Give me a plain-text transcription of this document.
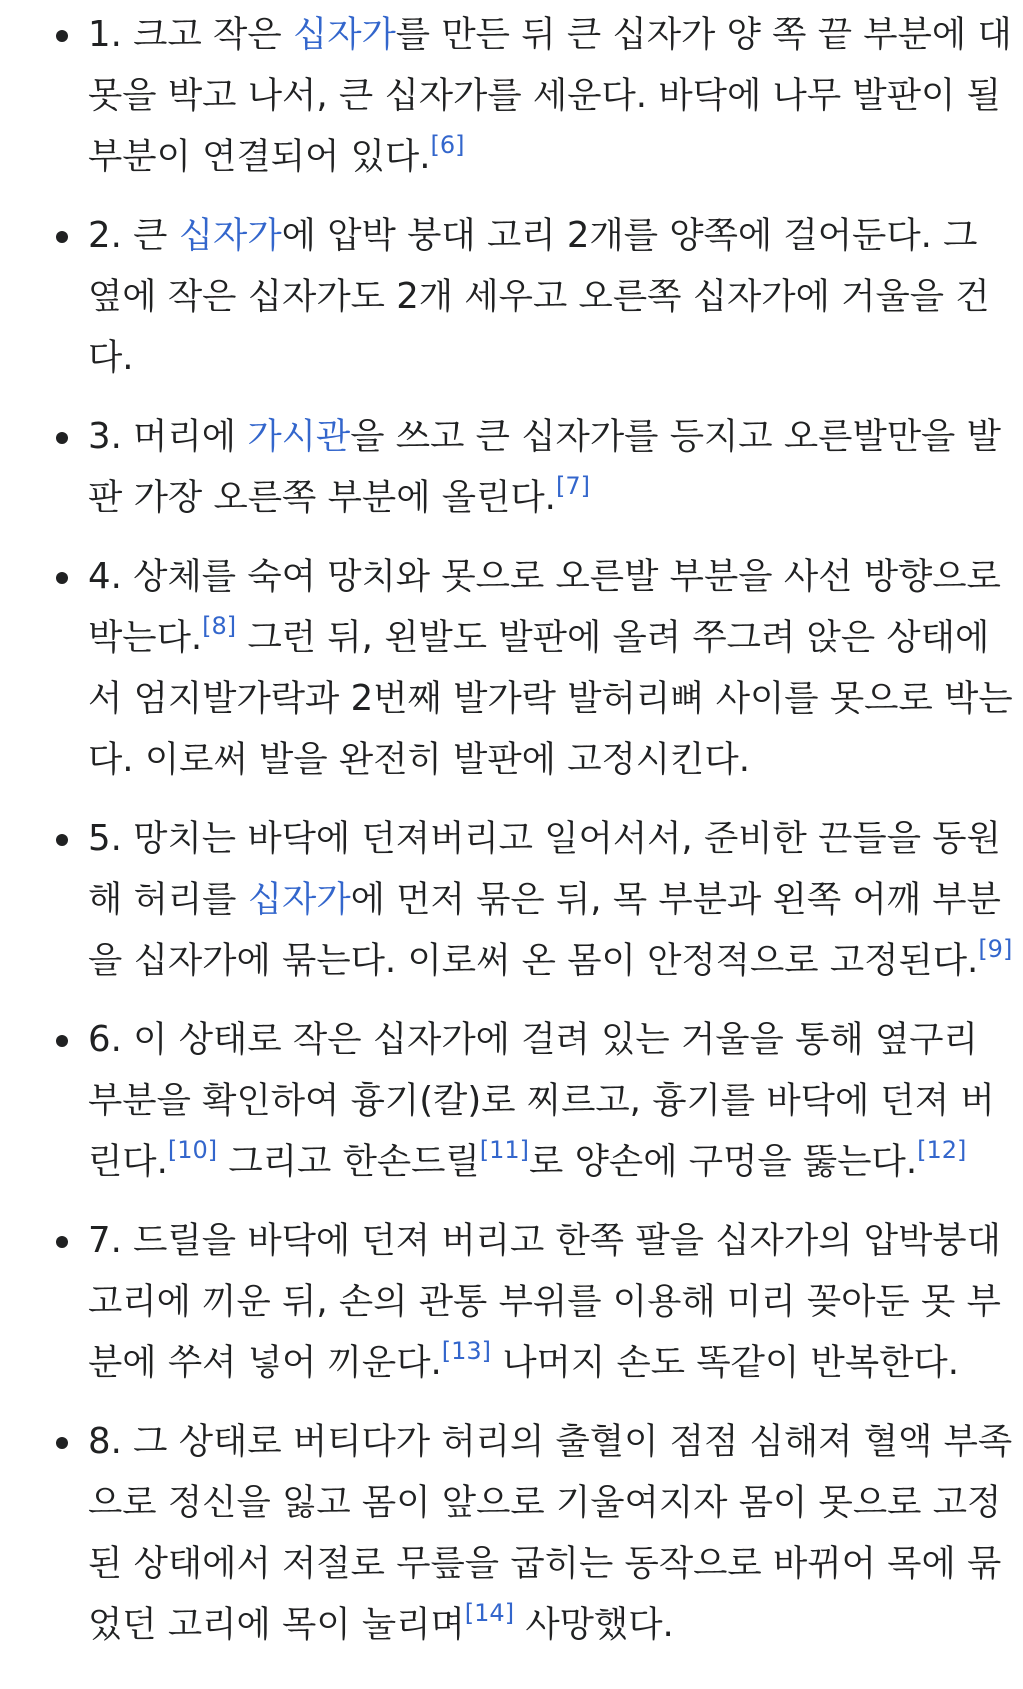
1. 크고 작은 십자가를 만든 뒤 큰 십자가 양 쪽 끝 부분에 대못을 박고 나서, 큰 십자가를 세운다. 바닥에 나무 발판이 될 부분이 연결되어 있다.[6]
2. 큰 십자가에 압박 붕대 고리 2개를 양쪽에 걸어둔다. 그 옆에 작은 십자가도 2개 세우고 오른쪽 십자가에 거울을 건다.
3. 머리에 가시관을 쓰고 큰 십자가를 등지고 오른발만을 발판 가장 오른쪽 부분에 올린다.[7]
4. 상체를 숙여 망치와 못으로 오른발 부분을 사선 방향으로 박는다.[8] 그런 뒤, 왼발도 발판에 올려 쭈그려 앉은 상태에서 엄지발가락과 2번째 발가락 발허리뼈 사이를 못으로 박는다. 이로써 발을 완전히 발판에 고정시킨다.
5. 망치는 바닥에 던져버리고 일어서서, 준비한 끈들을 동원해 허리를 십자가에 먼저 묶은 뒤, 목 부분과 왼쪽 어깨 부분을 십자가에 묶는다. 이로써 온 몸이 안정적으로 고정된다.[9]
6. 이 상태로 작은 십자가에 걸려 있는 거울을 통해 옆구리 부분을 확인하여 흉기(칼)로 찌르고, 흉기를 바닥에 던져 버린다.[10] 그리고 한손드릴[11]로 양손에 구멍을 뚫는다.[12]
7. 드릴을 바닥에 던져 버리고 한쪽 팔을 십자가의 압박붕대 고리에 끼운 뒤, 손의 관통 부위를 이용해 미리 꽂아둔 못 부분에 쑤셔 넣어 끼운다.[13] 나머지 손도 똑같이 반복한다.
8. 그 상태로 버티다가 허리의 출혈이 점점 심해져 혈액 부족으로 정신을 잃고 몸이 앞으로 기울여지자 몸이 못으로 고정된 상태에서 저절로 무릎을 굽히는 동작으로 바뀌어 목에 묶었던 고리에 목이 눌리며[14] 사망했다.
